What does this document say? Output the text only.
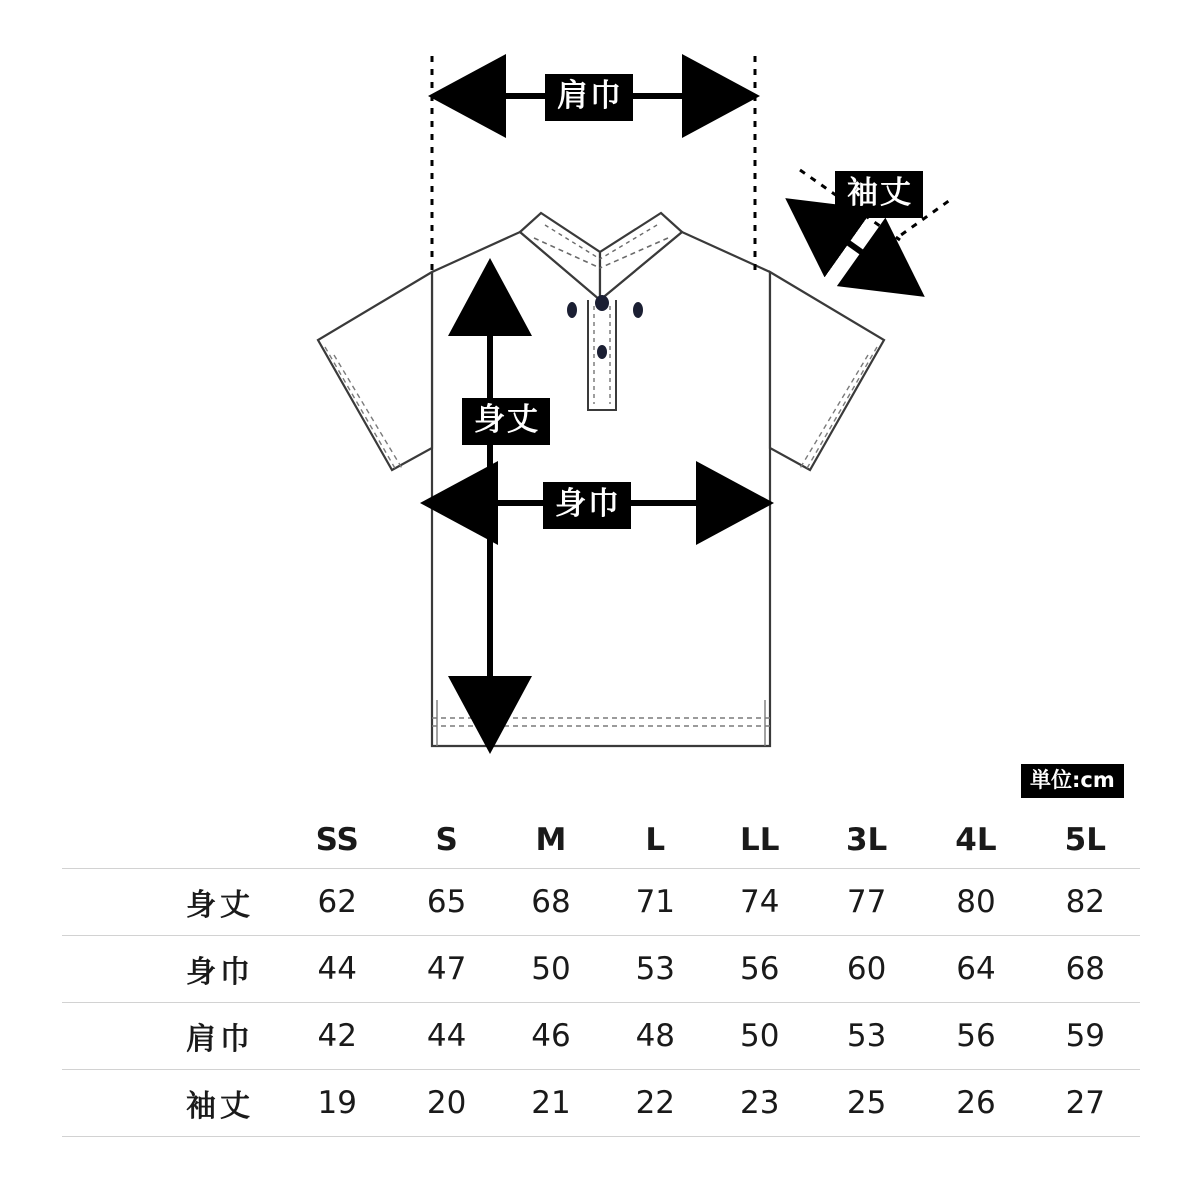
肩巾
袖丈
身丈
身巾
単位:cm
	SS	S	M	L	LL	3L	4L	5L
身丈	62	65	68	71	74	77	80	82
身巾	44	47	50	53	56	60	64	68
肩巾	42	44	46	48	50	53	56	59
袖丈	19	20	21	22	23	25	26	27
